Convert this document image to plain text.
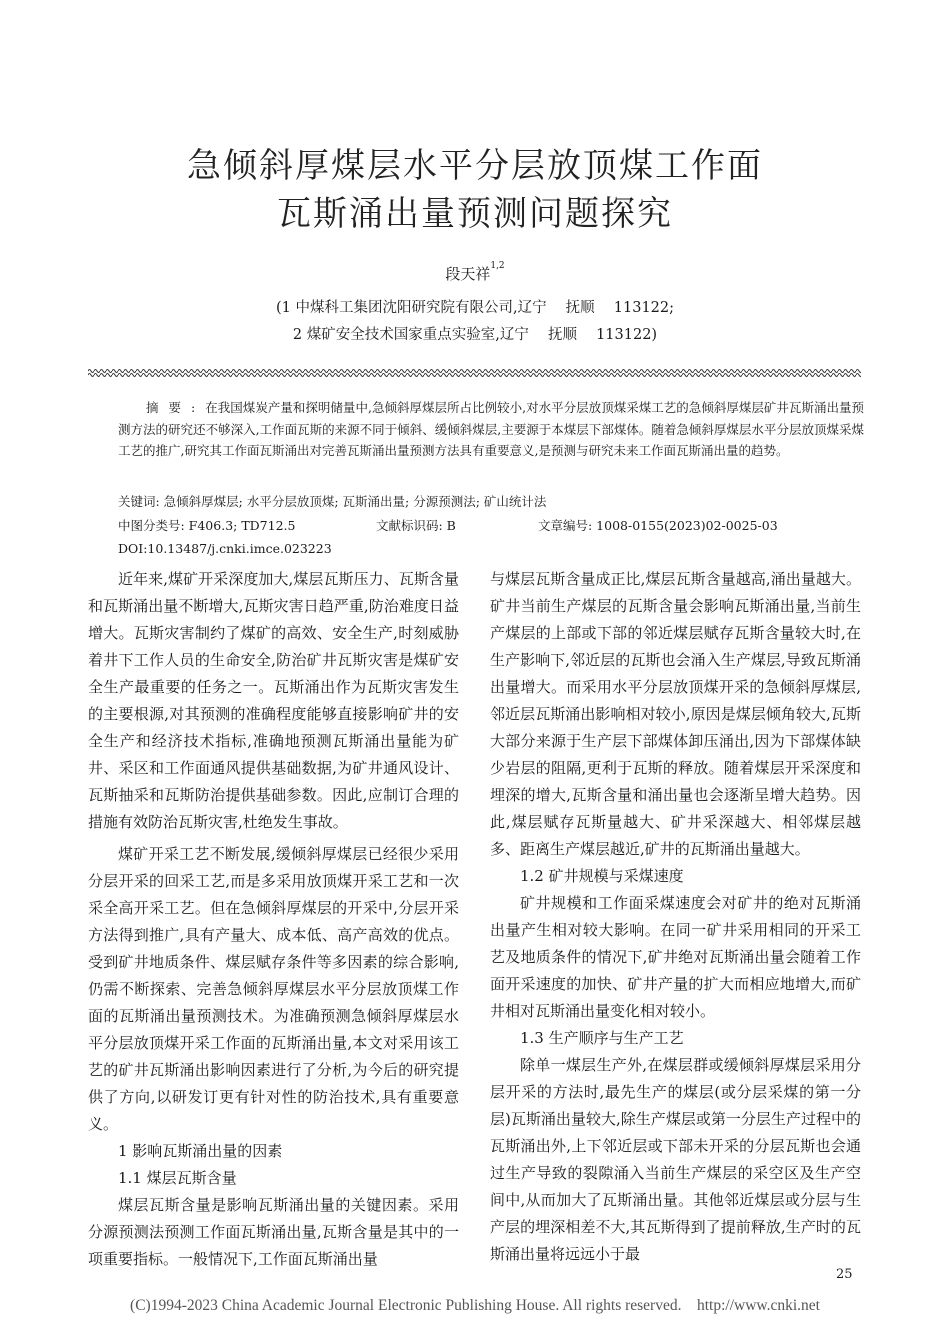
急倾斜厚煤层水平分层放顶煤工作面
瓦斯涌出量预测问题探究
段天祥$^{1,2}$
(1 中煤科工集团沈阳研究院有限公司,辽宁　 抚顺　 113122;
2 煤矿安全技术国家重点实验室,辽宁　 抚顺　 113122)
摘要:在我国煤炭产量和探明储量中,急倾斜厚煤层所占比例较小,对水平分层放顶煤采煤工艺的急倾斜厚煤层矿井瓦斯涌出量预测方法的研究还不够深入,工作面瓦斯的来源不同于倾斜、缓倾斜煤层,主要源于本煤层下部煤体。随着急倾斜厚煤层水平分层放顶煤采煤工艺的推广,研究其工作面瓦斯涌出对完善瓦斯涌出量预测方法具有重要意义,是预测与研究未来工作面瓦斯涌出量的趋势。
关键词: 急倾斜厚煤层; 水平分层放顶煤; 瓦斯涌出量; 分源预测法; 矿山统计法
中图分类号: F406.3; TD712.5	文献标识码: B	文章编号: 1008-0155(2023)02-0025-03
DOI:10.13487/j.cnki.imce.023223

近年来,煤矿开采深度加大,煤层瓦斯压力、瓦斯含量和瓦斯涌出量不断增大,瓦斯灾害日趋严重,防治难度日益增大。瓦斯灾害制约了煤矿的高效、安全生产,时刻威胁着井下工作人员的生命安全,防治矿井瓦斯灾害是煤矿安全生产最重要的任务之一。瓦斯涌出作为瓦斯灾害发生的主要根源,对其预测的准确程度能够直接影响矿井的安全生产和经济技术指标,准确地预测瓦斯涌出量能为矿井、采区和工作面通风提供基础数据,为矿井通风设计、瓦斯抽采和瓦斯防治提供基础参数。因此,应制订合理的措施有效防治瓦斯灾害,杜绝发生事故。

煤矿开采工艺不断发展,缓倾斜厚煤层已经很少采用分层开采的回采工艺,而是多采用放顶煤开采工艺和一次采全高开采工艺。但在急倾斜厚煤层的开采中,分层开采方法得到推广,具有产量大、成本低、高产高效的优点。受到矿井地质条件、煤层赋存条件等多因素的综合影响,仍需不断探索、完善急倾斜厚煤层水平分层放顶煤工作面的瓦斯涌出量预测技术。为准确预测急倾斜厚煤层水平分层放顶煤开采工作面的瓦斯涌出量,本文对采用该工艺的矿井瓦斯涌出影响因素进行了分析,为今后的研究提供了方向,以研发订更有针对性的防治技术,具有重要意义。

1 影响瓦斯涌出量的因素

1.1 煤层瓦斯含量

煤层瓦斯含量是影响瓦斯涌出量的关键因素。采用分源预测法预测工作面瓦斯涌出量,瓦斯含量是其中的一项重要指标。一般情况下,工作面瓦斯涌出量

与煤层瓦斯含量成正比,煤层瓦斯含量越高,涌出量越大。矿井当前生产煤层的瓦斯含量会影响瓦斯涌出量,当前生产煤层的上部或下部的邻近煤层赋存瓦斯含量较大时,在生产影响下,邻近层的瓦斯也会涌入生产煤层,导致瓦斯涌出量增大。而采用水平分层放顶煤开采的急倾斜厚煤层,邻近层瓦斯涌出影响相对较小,原因是煤层倾角较大,瓦斯大部分来源于生产层下部煤体卸压涌出,因为下部煤体缺少岩层的阻隔,更利于瓦斯的释放。随着煤层开采深度和埋深的增大,瓦斯含量和涌出量也会逐渐呈增大趋势。因此,煤层赋存瓦斯量越大、矿井采深越大、相邻煤层越多、距离生产煤层越近,矿井的瓦斯涌出量越大。

1.2 矿井规模与采煤速度

矿井规模和工作面采煤速度会对矿井的绝对瓦斯涌出量产生相对较大影响。在同一矿井采用相同的开采工艺及地质条件的情况下,矿井绝对瓦斯涌出量会随着工作面开采速度的加快、矿井产量的扩大而相应地增大,而矿井相对瓦斯涌出量变化相对较小。

1.3 生产顺序与生产工艺

除单一煤层生产外,在煤层群或缓倾斜厚煤层采用分层开采的方法时,最先生产的煤层(或分层采煤的第一分层)瓦斯涌出量较大,除生产煤层或第一分层生产过程中的瓦斯涌出外,上下邻近层或下部未开采的分层瓦斯也会通过生产导致的裂隙涌入当前生产煤层的采空区及生产空间中,从而加大了瓦斯涌出量。其他邻近煤层或分层与生产层的埋深相差不大,其瓦斯得到了提前释放,生产时的瓦斯涌出量将远远小于最

25
(C)1994-2023 China Academic Journal Electronic Publishing House. All rights reserved.    http://www.cnki.net
